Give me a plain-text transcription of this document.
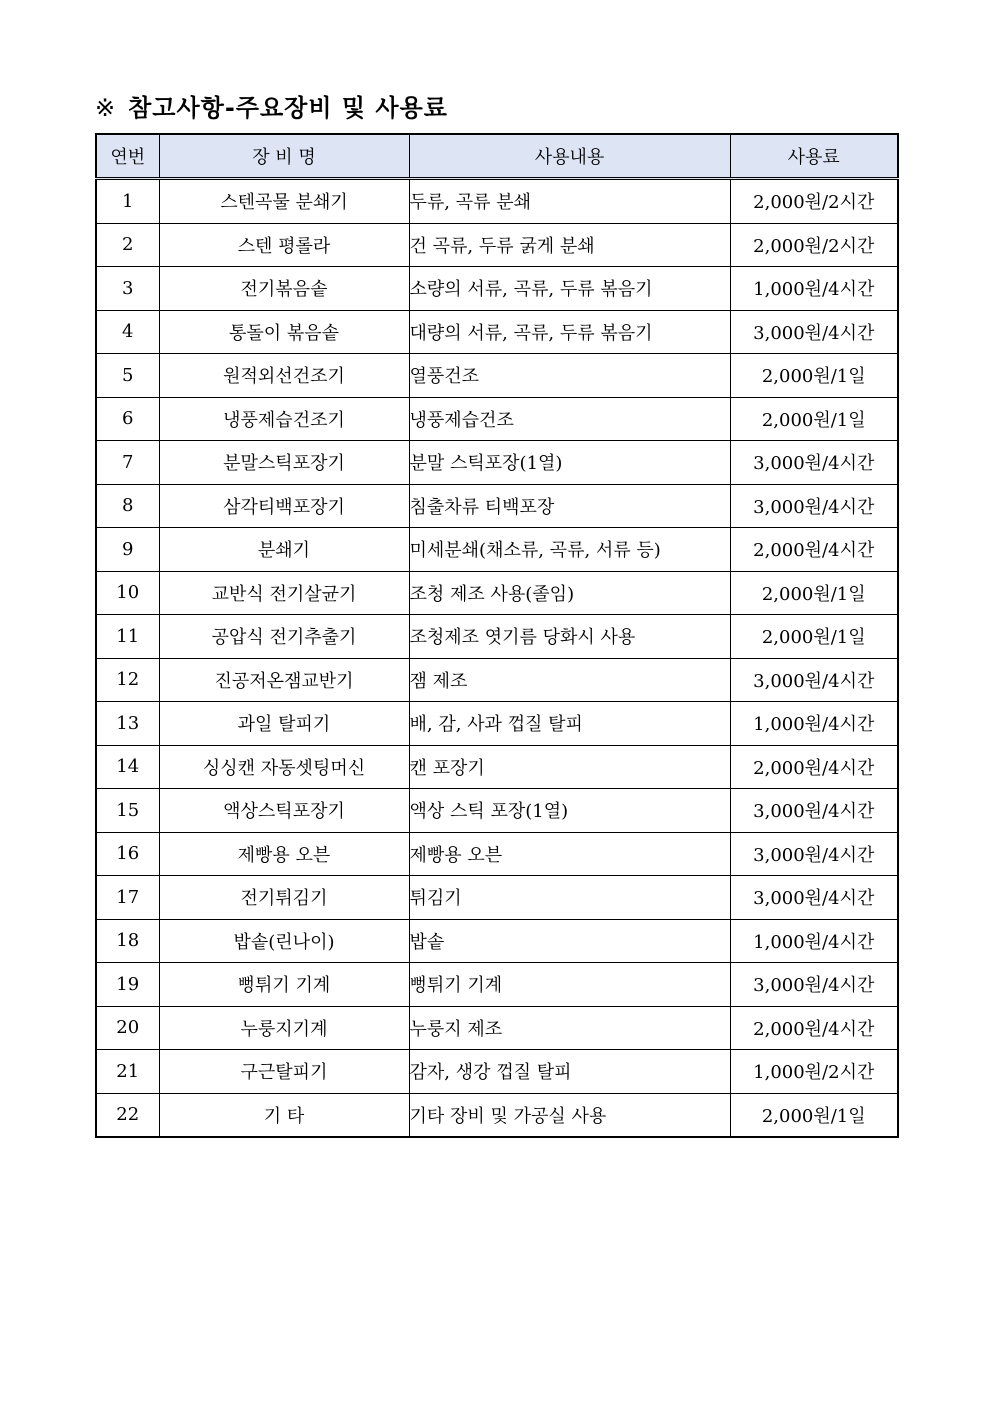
※ 참고사항-주요장비 및 사용료
연번	장 비 명	사용내용	사용료
1	스텐곡물 분쇄기	두류, 곡류 분쇄	2,000원/2시간
2	스텐 평롤라	건 곡류, 두류 굵게 분쇄	2,000원/2시간
3	전기볶음솥	소량의 서류, 곡류, 두류 볶음기	1,000원/4시간
4	통돌이 볶음솥	대량의 서류, 곡류, 두류 볶음기	3,000원/4시간
5	원적외선건조기	열풍건조	2,000원/1일
6	냉풍제습건조기	냉풍제습건조	2,000원/1일
7	분말스틱포장기	분말 스틱포장(1열)	3,000원/4시간
8	삼각티백포장기	침출차류 티백포장	3,000원/4시간
9	분쇄기	미세분쇄(채소류, 곡류, 서류 등)	2,000원/4시간
10	교반식 전기살균기	조청 제조 사용(졸임)	2,000원/1일
11	공압식 전기추출기	조청제조 엿기름 당화시 사용	2,000원/1일
12	진공저온잼교반기	잼 제조	3,000원/4시간
13	과일 탈피기	배, 감, 사과 껍질 탈피	1,000원/4시간
14	싱싱캔 자동셋팅머신	캔 포장기	2,000원/4시간
15	액상스틱포장기	액상 스틱 포장(1열)	3,000원/4시간
16	제빵용 오븐	제빵용 오븐	3,000원/4시간
17	전기튀김기	튀김기	3,000원/4시간
18	밥솥(린나이)	밥솥	1,000원/4시간
19	뻥튀기 기계	뻥튀기 기계	3,000원/4시간
20	누룽지기계	누룽지 제조	2,000원/4시간
21	구근탈피기	감자, 생강 껍질 탈피	1,000원/2시간
22	기 타	기타 장비 및 가공실 사용	2,000원/1일
